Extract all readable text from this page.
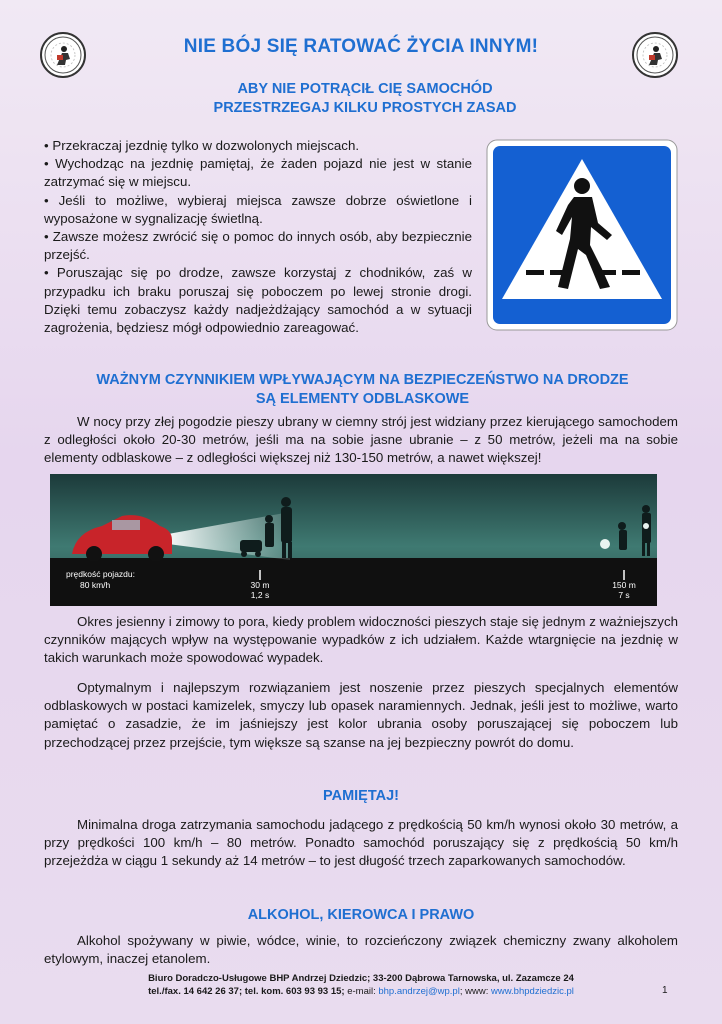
NIE BÓJ SIĘ RATOWAĆ ŻYCIA INNYM!
ABY NIE POTRĄCIŁ CIĘ SAMOCHÓD
PRZESTRZEGAJ KILKU PROSTYCH ZASAD

• Przekraczaj jezdnię tylko w dozwolonych miejscach.

• Wychodząc na jezdnię pamiętaj, że żaden pojazd nie jest w stanie zatrzymać się w miejscu.

• Jeśli to możliwe, wybieraj miejsca zawsze dobrze oświetlone i wyposażone w sygnalizację świetlną.

• Zawsze możesz zwrócić się o pomoc do innych osób, aby bezpiecznie przejść.

• Poruszając się po drodze, zawsze korzystaj z chodników, zaś w przypadku ich braku poruszaj się poboczem po lewej stronie drogi. Dzięki temu zobaczysz każdy nadjeżdżający samochód a w sytuacji zagrożenia, będziesz mógł odpowiednio zareagować.

WAŻNYM CZYNNIKIEM WPŁYWAJĄCYM NA BEZPIECZEŃSTWO NA DRODZE
SĄ ELEMENTY ODBLASKOWE

W nocy przy złej pogodzie pieszy ubrany w ciemny strój jest widziany przez kierującego samochodem z odległości około 20-30 metrów, jeśli ma na sobie jasne ubranie – z 50 metrów, jeżeli ma na sobie elementy odblaskowe – z odległości większej niż 130-150 metrów, a nawet większej!

prędkość pojazdu:
80 km/h	30 m
1,2 s
150 m
7 s

Okres jesienny i zimowy to pora, kiedy problem widoczności pieszych staje się jednym z ważniejszych czynników mających wpływ na występowanie wypadków z ich udziałem. Każde wtargnięcie na jezdnię w takich warunkach może spowodować wypadek.

Optymalnym i najlepszym rozwiązaniem jest noszenie przez pieszych specjalnych elementów odblaskowych w postaci kamizelek, smyczy lub opasek naramiennych. Jednak, jeśli jest to możliwe, warto pamiętać o zasadzie, że im jaśniejszy jest kolor ubrania osoby poruszającej się poboczem lub przechodzącej przez przejście, tym większe są szanse na jej bezpieczny powrót do domu.

PAMIĘTAJ!

Minimalna droga zatrzymania samochodu jadącego z prędkością 50 km/h wynosi około 30 metrów, a przy prędkości 100 km/h – 80 metrów. Ponadto samochód poruszający się z prędkością 50 km/h przejeżdża w ciągu 1 sekundy aż 14 metrów – to jest długość trzech zaparkowanych samochodów.

ALKOHOL, KIEROWCA I PRAWO

Alkohol spożywany w piwie, wódce, winie, to rozcieńczony związek chemiczny zwany alkoholem etylowym, inaczej etanolem.

Biuro Doradczo-Usługowe BHP Andrzej Dziedzic; 33-200 Dąbrowa Tarnowska, ul. Zazamcze 24
tel./fax. 14 642 26 37; tel. kom. 603 93 93 15; e-mail: bhp.andrzej@wp.pl; www: www.bhpdziedzic.pl	1
